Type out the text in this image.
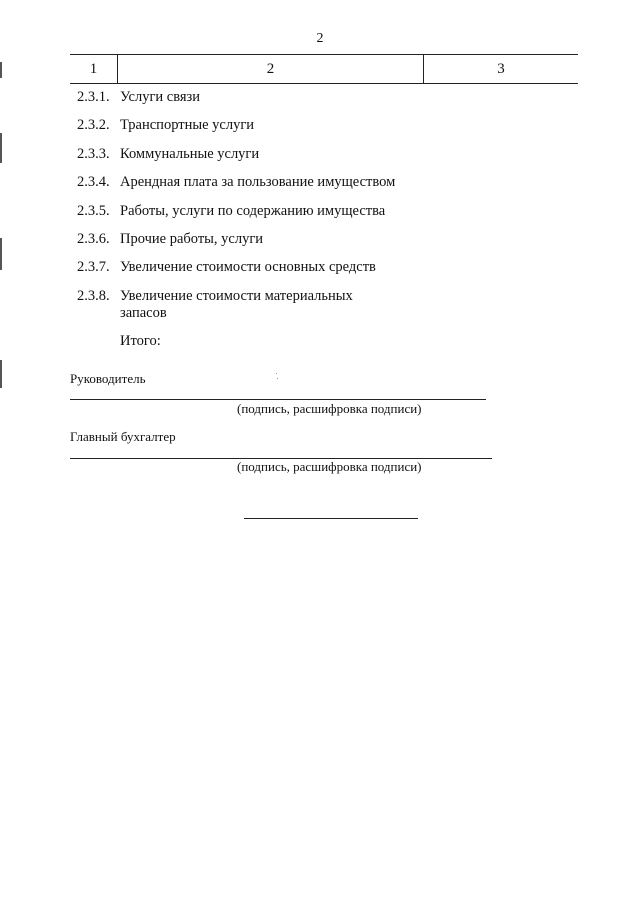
2
1	2	3
2.3.1. Услуги связи
2.3.2. Транспортные услуги
2.3.3. Коммунальные услуги
2.3.4. Арендная плата за пользование имуществом
2.3.5. Работы, услуги по содержанию имущества
2.3.6. Прочие работы, услуги
2.3.7. Увеличение стоимости основных средств
2.3.8. Увеличение стоимости материальных запасов
Итого:
Руководитель
(подпись, расшифровка подписи)
Главный бухгалтер
(подпись, расшифровка подписи)
